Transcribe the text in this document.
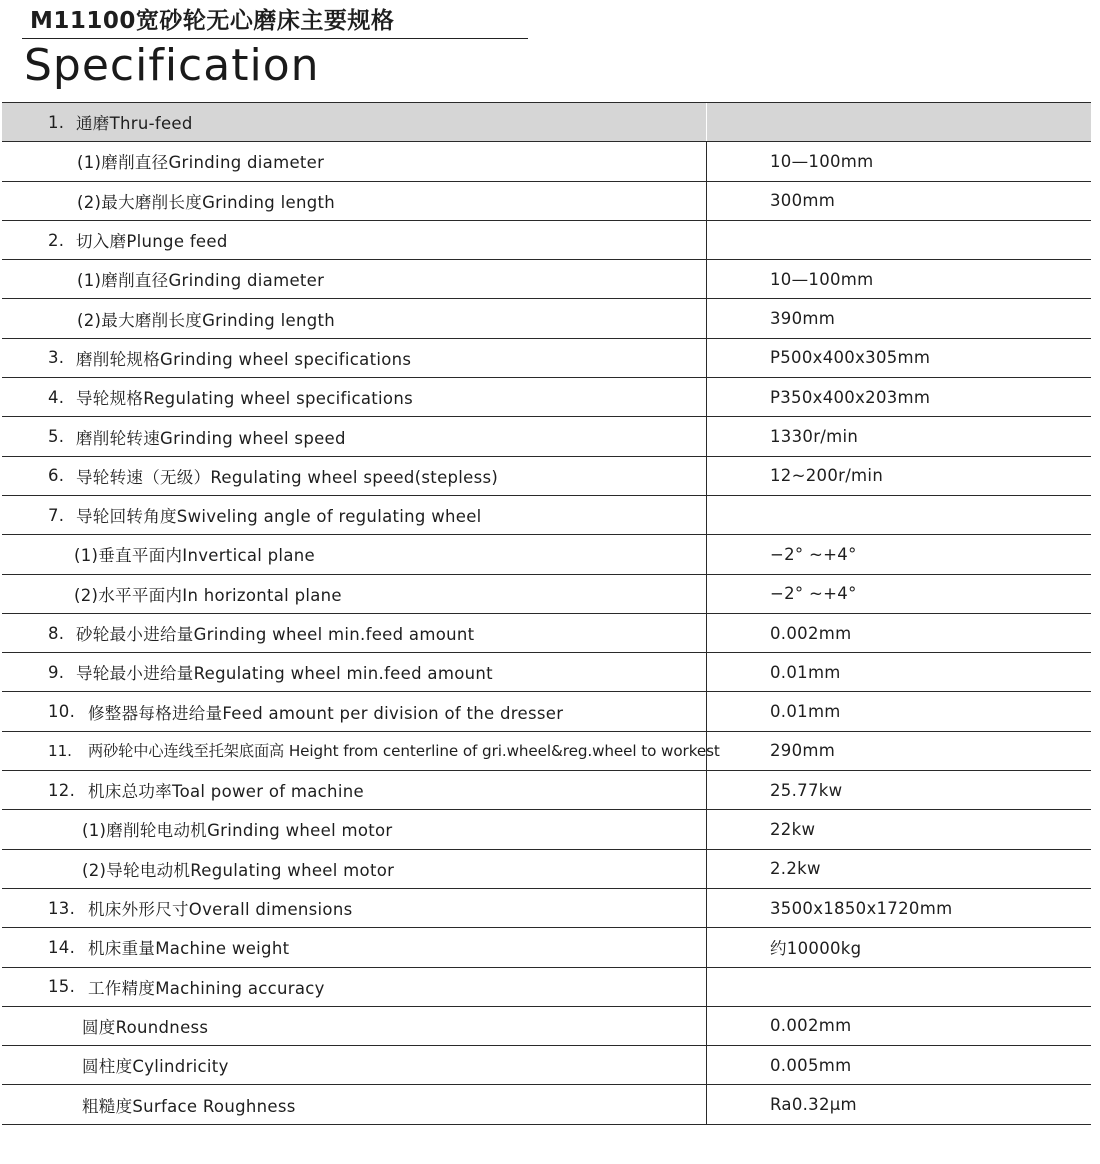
M11100宽砂轮无心磨床主要规格
Specification
1. 通磨Thru-feed
(1)磨削直径Grinding diameter	10—100mm
(2)最大磨削长度Grinding length	300mm
2. 切入磨Plunge feed
(1)磨削直径Grinding diameter	10—100mm
(2)最大磨削长度Grinding length	390mm
3. 磨削轮规格Grinding wheel specifications	P500x400x305mm
4. 导轮规格Regulating wheel specifications	P350x400x203mm
5. 磨削轮转速Grinding wheel speed	1330r/min
6. 导轮转速（无级）Regulating wheel speed(stepless)	12~200r/min
7. 导轮回转角度Swiveling angle of regulating wheel
(1)垂直平面内Invertical plane	−2° ~+4°
(2)水平平面内In horizontal plane	−2° ~+4°
8. 砂轮最小进给量Grinding wheel min.feed amount	0.002mm
9. 导轮最小进给量Regulating wheel min.feed amount	0.01mm
10. 修整器每格进给量Feed amount per division of the dresser	0.01mm
11.	两砂轮中心连线至托架底面高 Height from centerline of gri.wheel&reg.wheel to workest	290mm
12. 机床总功率Toal power of machine	25.77kw
(1)磨削轮电动机Grinding wheel motor	22kw
(2)导轮电动机Regulating wheel motor	2.2kw
13. 机床外形尺寸Overall dimensions	3500x1850x1720mm
14. 机床重量Machine weight	约10000kg
15. 工作精度Machining accuracy
圆度Roundness	0.002mm
圆柱度Cylindricity	0.005mm
粗糙度Surface Roughness	Ra0.32μm
